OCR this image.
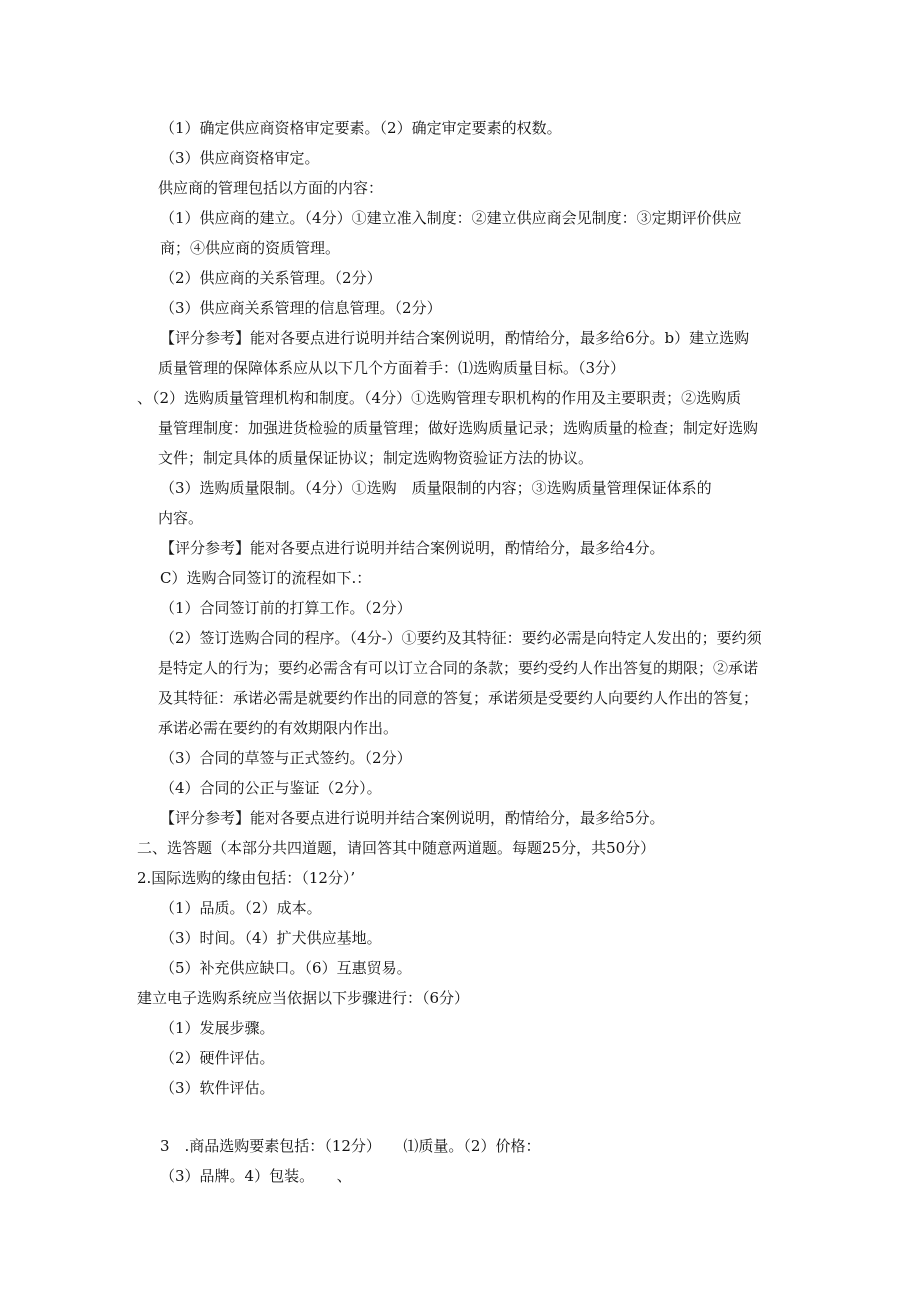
（1）确定供应商资格审定要素。（2）确定审定要素的权数。
（3）供应商资格审定。
供应商的管理包括以方面的内容：
（1）供应商的建立。（4分）①建立准入制度：②建立供应商会见制度：③定期评价供应
商；④供应商的资质管理。
（2）供应商的关系管理。（2分）
（3）供应商关系管理的信息管理。（2分）
【评分参考】能对各要点进行说明并结合案例说明，酌情给分，最多给6分。b）建立选购
质量管理的保障体系应从以下几个方面着手：⑴选购质量目标。（3分）
、（2）选购质量管理机构和制度。（4分）①选购管理专职机构的作用及主要职责；②选购质
量管理制度：加强进货检验的质量管理；做好选购质量记录；选购质量的检查；制定好选购
文件；制定具体的质量保证协议；制定选购物资验证方法的协议。
（3）选购质量限制。（4分）①选购　质量限制的内容；③选购质量管理保证体系的
内容。
【评分参考】能对各要点进行说明并结合案例说明，酌情给分，最多给4分。
C）选购合同签订的流程如下.：
（1）合同签订前的打算工作。（2分）
（2）签订选购合同的程序。（4分-）①要约及其特征：要约必需是向特定人发出的；要约须
是特定人的行为；要约必需含有可以订立合同的条款；要约受约人作出答复的期限；②承诺
及其特征：承诺必需是就要约作出的同意的答复；承诺须是受要约人向要约人作出的答复；
承诺必需在要约的有效期限内作出。
（3）合同的草签与正式签约。（2分）
（4）合同的公正与鉴证（2分）。
【评分参考】能对各要点进行说明并结合案例说明，酌情给分，最多给5分。
二、选答题（本部分共四道题，请回答其中随意两道题。每题25分，共50分）
2.国际选购的缘由包括：（12分）’
（1）品质。（2）成本。
（3）时间。（4）扩犬供应基地。
（5）补充供应缺口。（6）互惠贸易。
建立电子选购系统应当依据以下步骤进行：（6分）
（1）发展步骤。
（2）硬件评估。
（3）软件评估。
3　.商品选购要素包括：（12分）　　⑴质量。（2）价格：
（3）品牌。4）包装。　　、
